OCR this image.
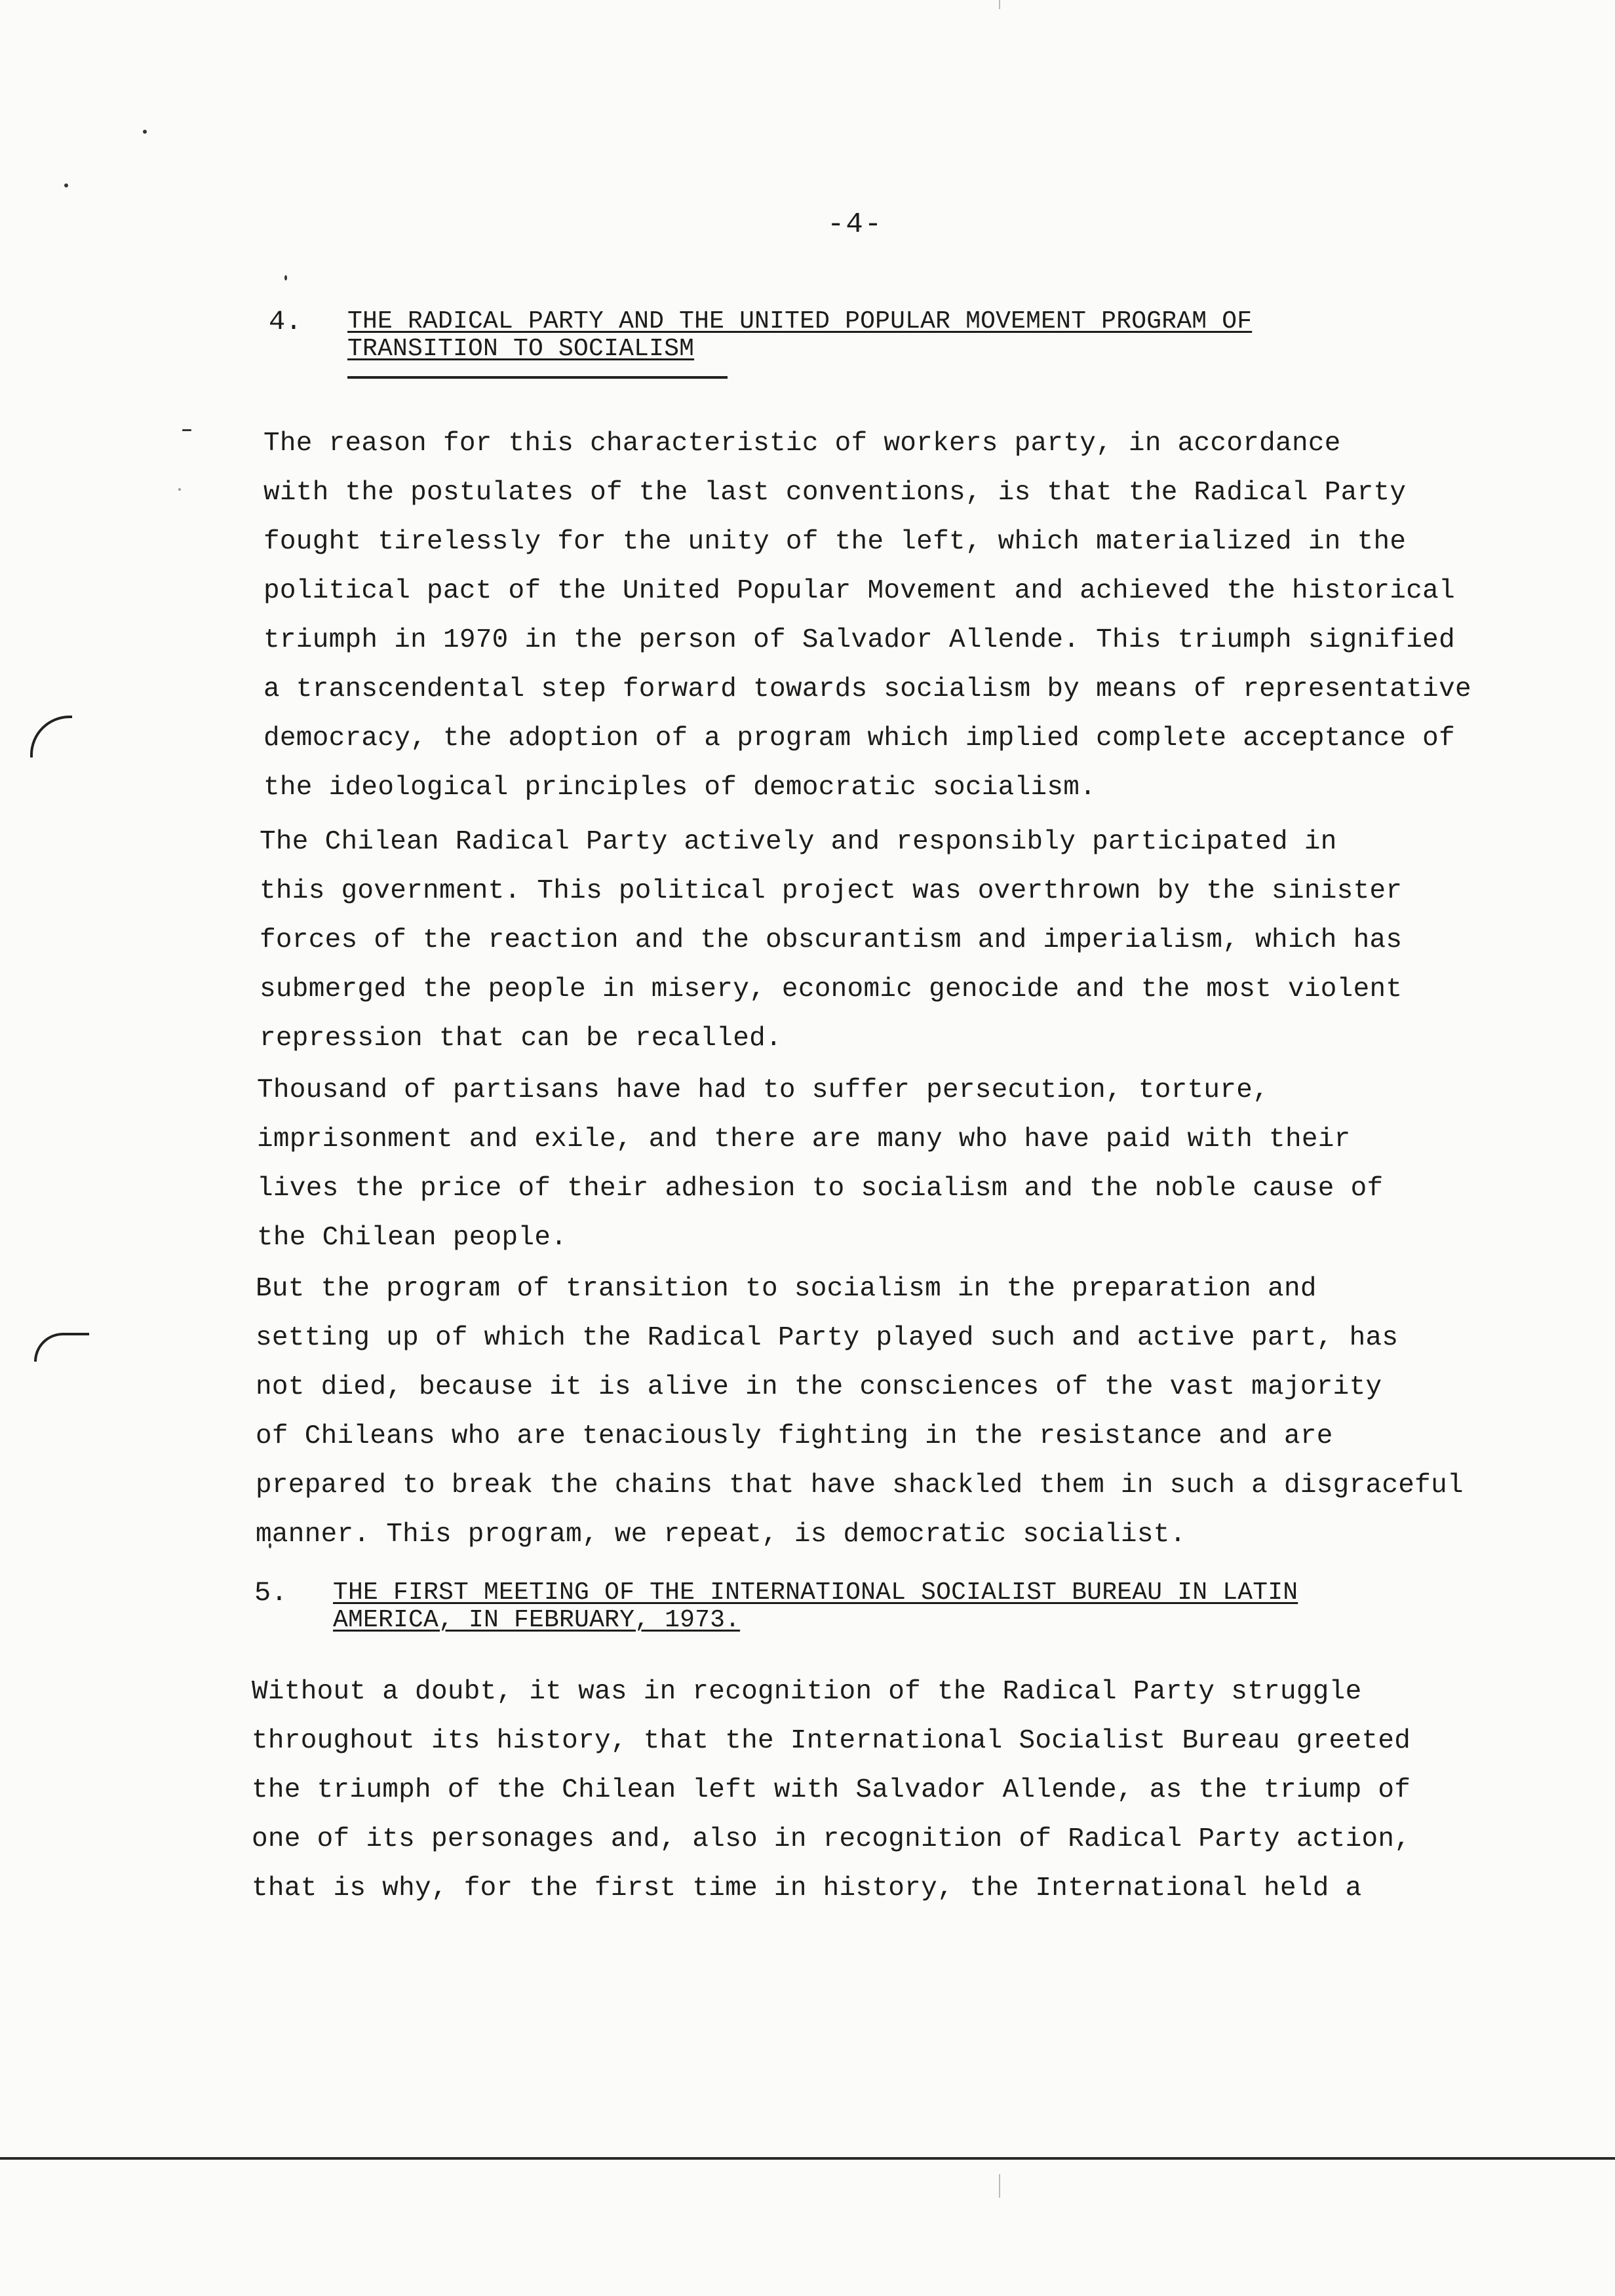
-4-
4. THE RADICAL PARTY AND THE UNITED POPULAR MOVEMENT PROGRAM OF
TRANSITION TO SOCIALISM
The reason for this characteristic of workers party, in accordance
with the postulates of the last conventions, is that the Radical Party
fought tirelessly for the unity of the left, which materialized in the
political pact of the United Popular Movement and achieved the historical
triumph in 1970 in the person of Salvador Allende. This triumph signified
a transcendental step forward towards socialism by means of representative
democracy, the adoption of a program which implied complete acceptance of
the ideological principles of democratic socialism.
The Chilean Radical Party actively and responsibly participated in
this government. This political project was overthrown by the sinister
forces of the reaction and the obscurantism and imperialism, which has
submerged the people in misery, economic genocide and the most violent
repression that can be recalled.
Thousand of partisans have had to suffer persecution, torture,
imprisonment and exile, and there are many who have paid with their
lives the price of their adhesion to socialism and the noble cause of
the Chilean people.
But the program of transition to socialism in the preparation and
setting up of which the Radical Party played such and active part, has
not died, because it is alive in the consciences of the vast majority
of Chileans who are tenaciously fighting in the resistance and are
prepared to break the chains that have shackled them in such a disgraceful
manner. This program, we repeat, is democratic socialist.
5. THE FIRST MEETING OF THE INTERNATIONAL SOCIALIST BUREAU IN LATIN
AMERICA, IN FEBRUARY, 1973.
Without a doubt, it was in recognition of the Radical Party struggle
throughout its history, that the International Socialist Bureau greeted
the triumph of the Chilean left with Salvador Allende, as the triump of
one of its personages and, also in recognition of Radical Party action,
that is why, for the first time in history, the International held a
